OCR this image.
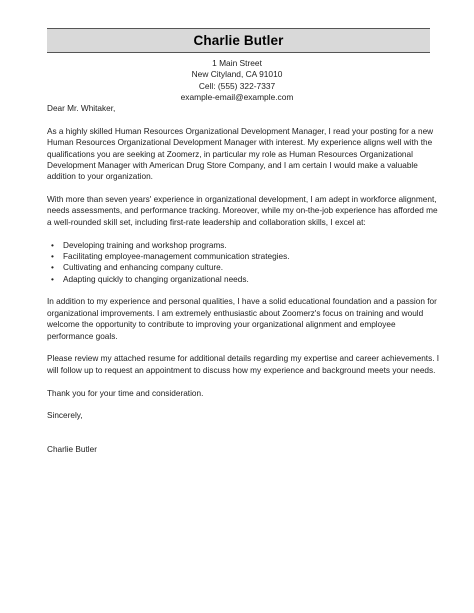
Charlie Butler
1 Main Street
New Cityland, CA 91010
Cell: (555) 322-7337
example-email@example.com

Dear Mr. Whitaker,

As a highly skilled Human Resources Organizational Development Manager, I read your posting for a new Human Resources Organizational Development Manager with interest. My experience aligns well with the qualifications you are seeking at Zoomerz, in particular my role as Human Resources Organizational Development Manager with American Drug Store Company, and I am certain I would make a valuable addition to your organization.

With more than seven years' experience in organizational development, I am adept in workforce alignment, needs assessments, and performance tracking. Moreover, while my on-the-job experience has afforded me a well-rounded skill set, including first-rate leadership and collaboration skills, I excel at:

• Developing training and workshop programs.
• Facilitating employee-management communication strategies.
• Cultivating and enhancing company culture.
• Adapting quickly to changing organizational needs.

In addition to my experience and personal qualities, I have a solid educational foundation and a passion for organizational improvements. I am extremely enthusiastic about Zoomerz's focus on training and would welcome the opportunity to contribute to improving your organizational alignment and employee performance goals.

Please review my attached resume for additional details regarding my expertise and career achievements. I will follow up to request an appointment to discuss how my experience and background meets your needs.

Thank you for your time and consideration.

Sincerely,

Charlie Butler
